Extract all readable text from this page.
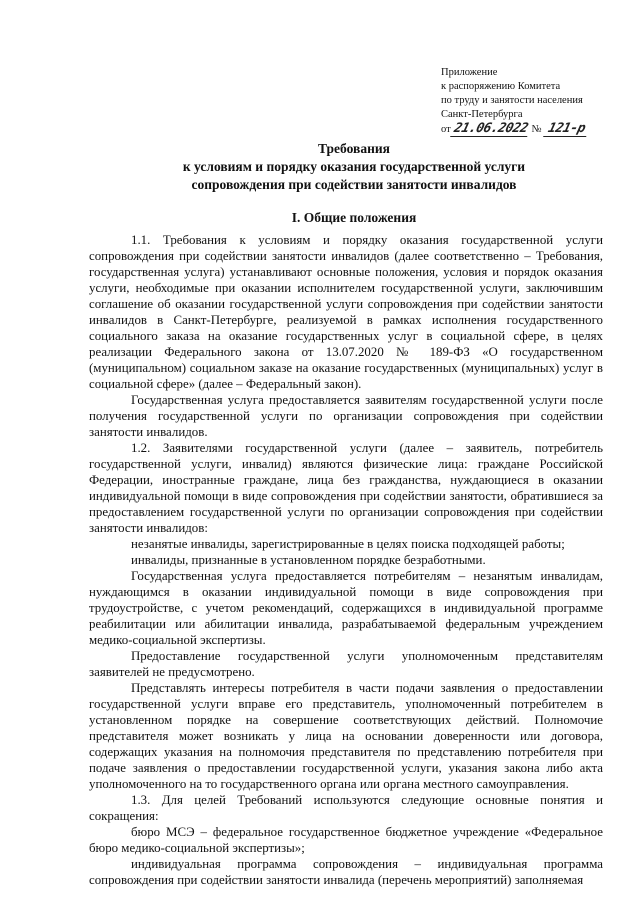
Приложение
к распоряжению Комитета
по труду и занятости населения
Санкт-Петербурга
от21.06.2022 № 121-р
Требования
к условиям и порядку оказания государственной услуги
сопровождения при содействии занятости инвалидов
I. Общие положения

1.1. Требования к условиям и порядку оказания государственной услуги сопровождения при содействии занятости инвалидов (далее соответственно – Требования, государственная услуга) устанавливают основные положения, условия и порядок оказания услуги, необходимые при оказании исполнителем государственной услуги, заключившим соглашение об оказании государственной услуги сопровождения при содействии занятости инвалидов в Санкт-Петербурге, реализуемой в рамках исполнения государственного социального заказа на оказание государственных услуг в социальной сфере, в целях реализации Федерального закона от 13.07.2020 № 189-ФЗ «О государственном (муниципальном) социальном заказе на оказание государственных (муниципальных) услуг в социальной сфере» (далее – Федеральный закон).

Государственная услуга предоставляется заявителям государственной услуги после получения государственной услуги по организации сопровождения при содействии занятости инвалидов.

1.2. Заявителями государственной услуги (далее – заявитель, потребитель государственной услуги, инвалид) являются физические лица: граждане Российской Федерации, иностранные граждане, лица без гражданства, нуждающиеся в оказании индивидуальной помощи в виде сопровождения при содействии занятости, обратившиеся за предоставлением государственной услуги по организации сопровождения при содействии занятости инвалидов:

незанятые инвалиды, зарегистрированные в целях поиска подходящей работы;

инвалиды, признанные в установленном порядке безработными.

Государственная услуга предоставляется потребителям – незанятым инвалидам, нуждающимся в оказании индивидуальной помощи в виде сопровождения при трудоустройстве, с учетом рекомендаций, содержащихся в индивидуальной программе реабилитации или абилитации инвалида, разрабатываемой федеральным учреждением медико-социальной экспертизы.

Предоставление государственной услуги уполномоченным представителям заявителей не предусмотрено.

Представлять интересы потребителя в части подачи заявления о предоставлении государственной услуги вправе его представитель, уполномоченный потребителем в установленном порядке на совершение соответствующих действий. Полномочие представителя может возникать у лица на основании доверенности или договора, содержащих указания на полномочия представителя по представлению потребителя при подаче заявления о предоставлении государственной услуги, указания закона либо акта уполномоченного на то государственного органа или органа местного самоуправления.

1.3. Для целей Требований используются следующие основные понятия и сокращения:

бюро МСЭ – федеральное государственное бюджетное учреждение «Федеральное бюро медико-социальной экспертизы»;

индивидуальная программа сопровождения – индивидуальная программа сопровождения при содействии занятости инвалида (перечень мероприятий) заполняемая
